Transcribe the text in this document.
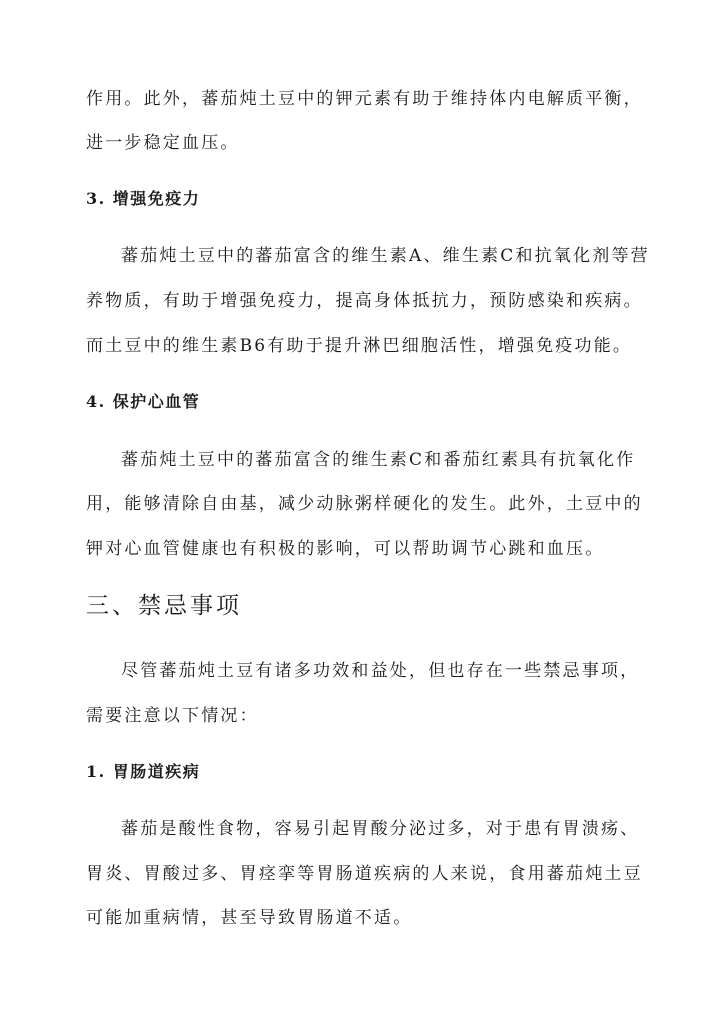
作用。此外，蕃茄炖土豆中的钾元素有助于维持体内电解质平衡，
进一步稳定血压。
3. 增强免疫力
蕃茄炖土豆中的蕃茄富含的维生素A、维生素C和抗氧化剂等营
养物质，有助于增强免疫力，提高身体抵抗力，预防感染和疾病。
而土豆中的维生素B6有助于提升淋巴细胞活性，增强免疫功能。
4. 保护心血管
蕃茄炖土豆中的蕃茄富含的维生素C和番茄红素具有抗氧化作
用，能够清除自由基，减少动脉粥样硬化的发生。此外，土豆中的
钾对心血管健康也有积极的影响，可以帮助调节心跳和血压。
三、禁忌事项
尽管蕃茄炖土豆有诸多功效和益处，但也存在一些禁忌事项，
需要注意以下情况：
1. 胃肠道疾病
蕃茄是酸性食物，容易引起胃酸分泌过多，对于患有胃溃疡、
胃炎、胃酸过多、胃痉挛等胃肠道疾病的人来说，食用蕃茄炖土豆
可能加重病情，甚至导致胃肠道不适。
